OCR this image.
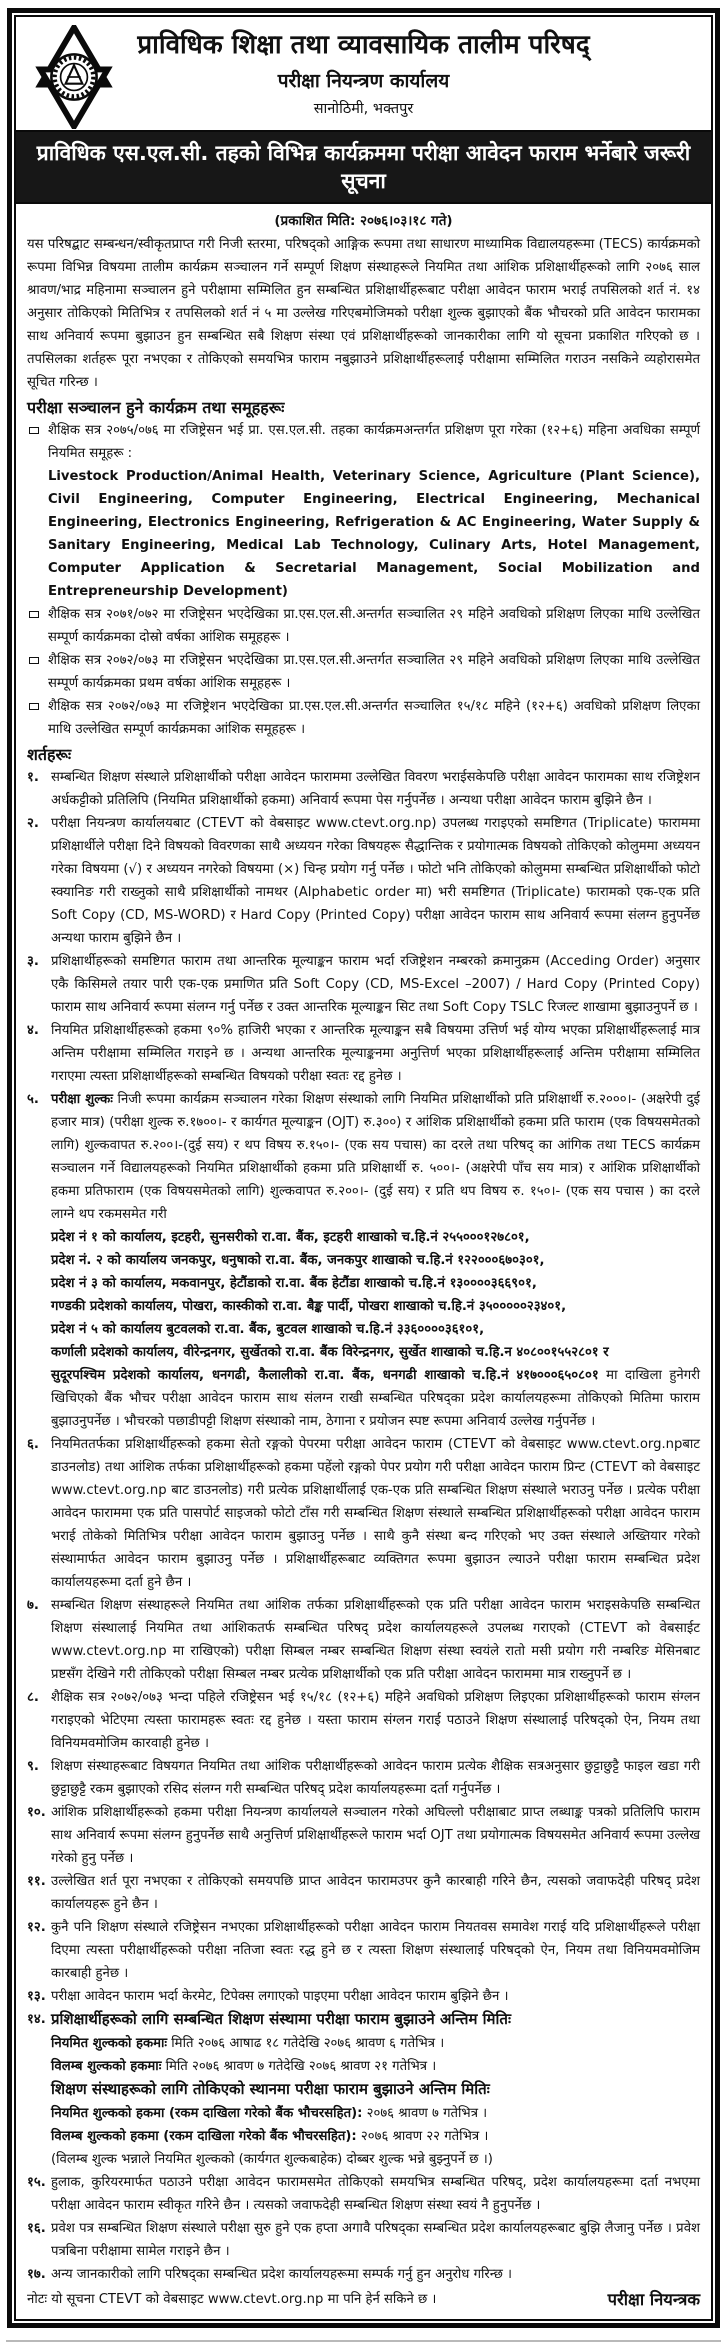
प्राविधिक शिक्षा तथा व्यावसायिक तालीम परिषद्
परीक्षा नियन्त्रण कार्यालय
सानोठिमी, भक्तपुर
प्राविधिक एस.एल.सी. तहको विभिन्न कार्यक्रममा परीक्षा आवेदन फाराम भर्नेबारे जरूरी सूचना
(प्रकाशित मिति: २०७६।०३।१८ गते)
यस परिषद्बाट सम्बन्धन/स्वीकृतप्राप्त गरी निजी स्तरमा, परिषद्को आङ्गिक रूपमा तथा साधारण माध्यामिक विद्यालयहरूमा (TECS) कार्यक्रमको रूपमा विभिन्न विषयमा तालीम कार्यक्रम सञ्चालन गर्ने सम्पूर्ण शिक्षण संस्थाहरूले नियमित तथा आंशिक प्रशिक्षार्थीहरूको लागि २०७६ साल श्रावण/भाद्र महिनामा सञ्चालन हुने परीक्षामा सम्मिलित हुन सम्बन्धित प्रशिक्षार्थीहरूबाट परीक्षा आवेदन फाराम भराई तपसिलको शर्त नं. १४ अनुसार तोकिएको मितिभित्र र तपसिलको शर्त नं ५ मा उल्लेख गरिएबमोजिमको परीक्षा शुल्क बुझाएको बैंक भौचरको प्रति आवेदन फारामका साथ अनिवार्य रूपमा बुझाउन हुन सम्बन्धित सबै शिक्षण संस्था एवं प्रशिक्षार्थीहरूको जानकारीका लागि यो सूचना प्रकाशित गरिएको छ । तपसिलका शर्तहरू पूरा नभएका र तोकिएको समयभित्र फाराम नबुझाउने प्रशिक्षार्थीहरूलाई परीक्षामा सम्मिलित गराउन नसकिने व्यहोरासमेत सूचित गरिन्छ ।
परीक्षा सञ्चालन हुने कार्यक्रम तथा समूहहरूः
शैक्षिक सत्र २०७५/०७६ मा रजिष्ट्रेसन भई प्रा. एस.एल.सी. तहका कार्यक्रमअन्तर्गत प्रशिक्षण पूरा गरेका (१२+६) महिना अवधिका सम्पूर्ण नियमित समूहरू :
Livestock Production/Animal Health, Veterinary Science, Agriculture (Plant Science), Civil Engineering, Computer Engineering, Electrical Engineering, Mechanical Engineering, Electronics Engineering, Refrigeration & AC Engineering, Water Supply & Sanitary Engineering, Medical Lab Technology, Culinary Arts, Hotel Management, Computer Application & Secretarial Management, Social Mobilization and Entrepreneurship Development)
शैक्षिक सत्र २०७१/०७२ मा रजिष्ट्रेसन भएदेखिका प्रा.एस.एल.सी.अन्तर्गत सञ्चालित २९ महिने अवधिको प्रशिक्षण लिएका माथि उल्लेखित सम्पूर्ण कार्यक्रमका दोस्रो वर्षका आंशिक समूहहरू ।
शैक्षिक सत्र २०७२/०७३ मा रजिष्ट्रेसन भएदेखिका प्रा.एस.एल.सी.अन्तर्गत सञ्चालित २९ महिने अवधिको प्रशिक्षण लिएका माथि उल्लेखित सम्पूर्ण कार्यक्रमका प्रथम वर्षका आंशिक समूहहरू ।
शैक्षिक सत्र २०७२/०७३ मा रजिष्ट्रेशन भएदेखिका प्रा.एस.एल.सी.अन्तर्गत सञ्चालित १५/१८ महिने (१२+६) अवधिको प्रशिक्षण लिएका माथि उल्लेखित सम्पूर्ण कार्यक्रमका आंशिक समूहहरू ।
शर्तहरूः
१. सम्बन्धित शिक्षण संस्थाले प्रशिक्षार्थीको परीक्षा आवेदन फाराममा उल्लेखित विवरण भराईसकेपछि परीक्षा आवेदन फारामका साथ रजिष्ट्रेशन अर्धकट्टीको प्रतिलिपि (नियमित प्रशिक्षार्थीको हकमा) अनिवार्य रूपमा पेस गर्नुपर्नेछ । अन्यथा परीक्षा आवेदन फाराम बुझिने छैन ।
२. परीक्षा नियन्त्रण कार्यालयबाट (CTEVT को वेबसाइट www.ctevt.org.np) उपलब्ध गराइएको समष्टिगत (Triplicate) फाराममा प्रशिक्षार्थीले परीक्षा दिने विषयको विवरणका साथै अध्ययन गरेका विषयहरू सैद्धान्तिक र प्रयोगात्मक विषयको तोकिएको कोलुममा अध्ययन गरेका विषयमा (√) र अध्ययन नगरेको विषयमा (×) चिन्ह प्रयोग गर्नु पर्नेछ । फोटो भनि तोकिएको कोलुममा सम्बन्धित प्रशिक्षार्थीको फोटो स्क्यानिङ गरी राख्नुको साथै प्रशिक्षार्थीको नामथर (Alphabetic order मा) भरी समष्टिगत (Triplicate) फारामको एक-एक प्रति Soft Copy (CD, MS-WORD) र Hard Copy (Printed Copy) परीक्षा आवेदन फाराम साथ अनिवार्य रूपमा संलग्न हुनुपर्नेछ अन्यथा फाराम बुझिने छैन ।
३. प्रशिक्षार्थीहरूको समष्टिगत फाराम तथा आन्तरिक मूल्याङ्कन फाराम भर्दा रजिष्ट्रेशन नम्बरको क्रमानुक्रम (Acceding Order) अनुसार एकै किसिमले तयार पारी एक-एक प्रमाणित प्रति Soft Copy (CD, MS-Excel –2007) / Hard Copy (Printed Copy) फाराम साथ अनिवार्य रूपमा संलग्न गर्नु पर्नेछ र उक्त आन्तरिक मूल्याङ्कन सिट तथा Soft Copy TSLC रिजल्ट शाखामा बुझाउनुपर्ने छ ।
४. नियमित प्रशिक्षार्थीहरूको हकमा ९०% हाजिरी भएका र आन्तरिक मूल्याङ्कन सबै विषयमा उत्तिर्ण भई योग्य भएका प्रशिक्षार्थीहरूलाई मात्र अन्तिम परीक्षामा सम्मिलित गराइने छ । अन्यथा आन्तरिक मूल्याङ्कनमा अनुत्तिर्ण भएका प्रशिक्षार्थीहरूलाई अन्तिम परीक्षामा सम्मिलित गराएमा त्यस्ता प्रशिक्षार्थीहरूको सम्बन्धित विषयको परीक्षा स्वतः रद्द हुनेछ ।
५. परीक्षा शुल्कः निजी रूपमा कार्यक्रम सञ्चालन गरेका शिक्षण संस्थाको लागि नियमित प्रशिक्षार्थीको प्रति प्रशिक्षार्थी रु.२०००।- (अक्षरेपी दुई हजार मात्र) (परीक्षा शुल्क रु.१७००।- र कार्यगत मूल्याङ्कन (OJT) रु.३००) र आंशिक प्रशिक्षार्थीको हकमा प्रति फाराम (एक विषयसमेतको लागि) शुल्कवापत रु.२००।-(दुई सय) र थप विषय रु.१५०।- (एक सय पचास) का दरले तथा परिषद् का आंगिक तथा TECS कार्यक्रम सञ्चालन गर्ने विद्यालयहरूको नियमित प्रशिक्षार्थीको हकमा प्रति प्रशिक्षार्थी रु. ५००।- (अक्षरेपी पाँच सय मात्र) र आंशिक प्रशिक्षार्थीको हकमा प्रतिफाराम (एक विषयसमेतको लागि) शुल्कवापत रु.२००।- (दुई सय) र प्रति थप विषय रु. १५०।- (एक सय पचास ) का दरले लाग्ने थप रकमसमेत गरी
प्रदेश नं १ को कार्यालय, इटहरी, सुनसरीको रा.वा. बैंक, इटहरी शाखाको च.हि.नं २५५०००१२७८०१,
प्रदेश नं. २ को कार्यालय जनकपुर, धनुषाको रा.वा. बैंक, जनकपुर शाखाको च.हि.नं १२२०००६७०३०१,
प्रदेश नं ३ को कार्यालय, मकवानपुर, हेटौंडाको रा.वा. बैंक हेटौंडा शाखाको च.हि.नं १३००००३६६९०१,
गण्डकी प्रदेशको कार्यालय, पोखरा, कास्कीको रा.वा. बैङ्क पार्दी, पोखरा शाखाको च.हि.नं ३५०००००२३४०१,
प्रदेश नं ५ को कार्यालय बुटवलको रा.वा. बैंक, बुटवल शाखाको च.हि.नं ३३६००००३६१०१,
कर्णाली प्रदेशको कार्यालय, वीरेन्द्रनगर, सुर्खेतको रा.वा. बैंक विरेन्द्रनगर, सुर्खेत शाखाको च.हि.न ४०८००१५५२८०१ र
सुदूरपश्चिम प्रदेशको कार्यालय, धनगढी, कैलालीको रा.वा. बैंक, धनगढी शाखाको च.हि.नं ४१७०००६५०८०१ मा दाखिला हुनेगरी खिचिएको बैंक भौचर परीक्षा आवेदन फाराम साथ संलग्न राखी सम्बन्धित परिषद्का प्रदेश कार्यालयहरूमा तोकिएको मितिमा फाराम बुझाउनुपर्नेछ । भौचरको पछाडीपट्टी शिक्षण संस्थाको नाम, ठेगाना र प्रयोजन स्पष्ट रूपमा अनिवार्य उल्लेख गर्नुपर्नेछ ।
६. नियमिततर्फका प्रशिक्षार्थीहरूको हकमा सेतो रङ्गको पेपरमा परीक्षा आवेदन फाराम (CTEVT को वेबसाइट www.ctevt.org.npबाट डाउनलोड) तथा आंशिक तर्फका प्रशिक्षार्थीहरूको हकमा पहेंलो रङ्गको पेपर प्रयोग गरी परीक्षा आवेदन फाराम प्रिन्ट (CTEVT को वेबसाइट www.ctevt.org.np बाट डाउनलोड) गरी प्रत्येक प्रशिक्षार्थीलाई एक-एक प्रति सम्बन्धित शिक्षण संस्थाले भराउनु पर्नेछ । प्रत्येक परीक्षा आवेदन फाराममा एक प्रति पासपोर्ट साइजको फोटो टाँस गरी सम्बन्धित शिक्षण संस्थाले सम्बन्धित प्रशिक्षार्थीहरूको परीक्षा आवेदन फाराम भराई तोकेको मितिभित्र परीक्षा आवेदन फाराम बुझाउनु पर्नेछ । साथै कुनै संस्था बन्द गरिएको भए उक्त संस्थाले अख्तियार गरेको संस्थामार्फत आवेदन फाराम बुझाउनु पर्नेछ । प्रशिक्षार्थीहरूबाट व्यक्तिगत रूपमा बुझाउन ल्याउने परीक्षा फाराम सम्बन्धित प्रदेश कार्यालयहरूमा दर्ता हुने छैन ।
७. सम्बन्धित शिक्षण संस्थाहरूले नियमित तथा आंशिक तर्फका प्रशिक्षार्थीहरूको एक प्रति परीक्षा आवेदन फाराम भराइसकेपछि सम्बन्धित शिक्षण संस्थालाई नियमित तथा आंशिकतर्फ सम्बन्धित परिषद् प्रदेश कार्यालयहरूले उपलब्ध गराएको (CTEVT को वेबसाईट www.ctevt.org.np मा राखिएको) परीक्षा सिम्बल नम्बर सम्बन्धित शिक्षण संस्था स्वयंले रातो मसी प्रयोग गरी नम्बरिङ मेसिनबाट प्रष्टसँग देखिने गरी तोकिएको परीक्षा सिम्बल नम्बर प्रत्येक प्रशिक्षार्थीको एक प्रति परीक्षा आवेदन फाराममा मात्र राख्नुपर्ने छ ।
८. शैक्षिक सत्र २०७२/०७३ भन्दा पहिले रजिष्ट्रेसन भई १५/१८ (१२+६) महिने अवधिको प्रशिक्षण लिइएका प्रशिक्षार्थीहरूको फाराम संग्लन गराइएको भेटिएमा त्यस्ता फारामहरू स्वतः रद्द हुनेछ । यस्ता फाराम संग्लन गराई पठाउने शिक्षण संस्थालाई परिषद्को ऐन, नियम तथा विनियमवमोजिम कारवाही हुनेछ ।
९. शिक्षण संस्थाहरूबाट विषयगत नियमित तथा आंशिक परीक्षार्थीहरूको आवेदन फाराम प्रत्येक शैक्षिक सत्रअनुसार छुट्टाछुट्टै फाइल खडा गरी छुट्टाछुट्टै रकम बुझाएको रसिद संलग्न गरी सम्बन्धित परिषद् प्रदेश कार्यालयहरूमा दर्ता गर्नुपर्नेछ ।
१०. आंशिक प्रशिक्षार्थीहरूको हकमा परीक्षा नियन्त्रण कार्यालयले सञ्चालन गरेको अघिल्लो परीक्षाबाट प्राप्त लब्धाङ्क पत्रको प्रतिलिपि फाराम साथ अनिवार्य रूपमा संलग्न हुनुपर्नेछ साथै अनुत्तिर्ण प्रशिक्षार्थीहरूले फाराम भर्दा OJT तथा प्रयोगात्मक विषयसमेत अनिवार्य रूपमा उल्लेख गरेको हुनु पर्नेछ ।
११. उल्लेखित शर्त पूरा नभएका र तोकिएको समयपछि प्राप्त आवेदन फारामउपर कुनै कारबाही गरिने छैन, त्यसको जवाफदेही परिषद् प्रदेश कार्यालयहरू हुने छैन ।
१२. कुनै पनि शिक्षण संस्थाले रजिष्ट्रेसन नभएका प्रशिक्षार्थीहरूको परीक्षा आवेदन फाराम नियतवस समावेश गराई यदि प्रशिक्षार्थीहरूले परीक्षा दिएमा त्यस्ता परीक्षार्थीहरूको परीक्षा नतिजा स्वतः रद्ध हुने छ र त्यस्ता शिक्षण संस्थालाई परिषद्को ऐन, नियम तथा विनियमवमोजिम कारबाही हुनेछ ।
१३. परीक्षा आवेदन फाराम भर्दा केरमेट, टिपेक्स लगाएको पाइएमा परीक्षा आवेदन फाराम बुझिने छैन ।
१४. प्रशिक्षार्थीहरूको लागि सम्बन्धित शिक्षण संस्थामा परीक्षा फाराम बुझाउने अन्तिम मितिः
नियमित शुल्कको हकमाः मिति २०७६ आषाढ १८ गतेदेखि २०७६ श्रावण ६ गतेभित्र ।
विलम्ब शुल्कको हकमाः मिति २०७६ श्रावण ७ गतेदेखि २०७६ श्रावण २१ गतेभित्र ।
शिक्षण संस्थाहरूको लागि तोकिएको स्थानमा परीक्षा फाराम बुझाउने अन्तिम मितिः
नियमित शुल्कको हकमा (रकम दाखिला गरेको बैंक भौचरसहित): २०७६ श्रावण ७ गतेभित्र ।
विलम्ब शुल्कको हकमा (रकम दाखिला गरेको बैंक भौचरसहित): २०७६ श्रावण २२ गतेभित्र ।
(विलम्ब शुल्क भन्नाले नियमित शुल्कको (कार्यगत शुल्कबाहेक) दोब्बर शुल्क भन्ने बुझ्नुपर्ने छ ।)
१५. हुलाक, कुरियरमार्फत पठाउने परीक्षा आवेदन फारामसमेत तोकिएको समयभित्र सम्बन्धित परिषद्, प्रदेश कार्यालयहरूमा दर्ता नभएमा परीक्षा आवेदन फाराम स्वीकृत गरिने छैन । त्यसको जवाफदेही सम्बन्धित शिक्षण संस्था स्वयं नै हुनुपर्नेछ ।
१६. प्रवेश पत्र सम्बन्धित शिक्षण संस्थाले परीक्षा सुरु हुने एक हप्ता अगावै परिषद्का सम्बन्धित प्रदेश कार्यालयहरूबाट बुझि लैजानु पर्नेछ । प्रवेश पत्रबिना परीक्षामा सामेल गराइने छैन ।
१७. अन्य जानकारीको लागि परिषद्का सम्बन्धित प्रदेश कार्यालयहरूमा सम्पर्क गर्नु हुन अनुरोध गरिन्छ ।
नोटः यो सूचना CTEVT को वेबसाइट www.ctevt.org.np मा पनि हेर्न सकिने छ ।	परीक्षा नियन्त्रक
